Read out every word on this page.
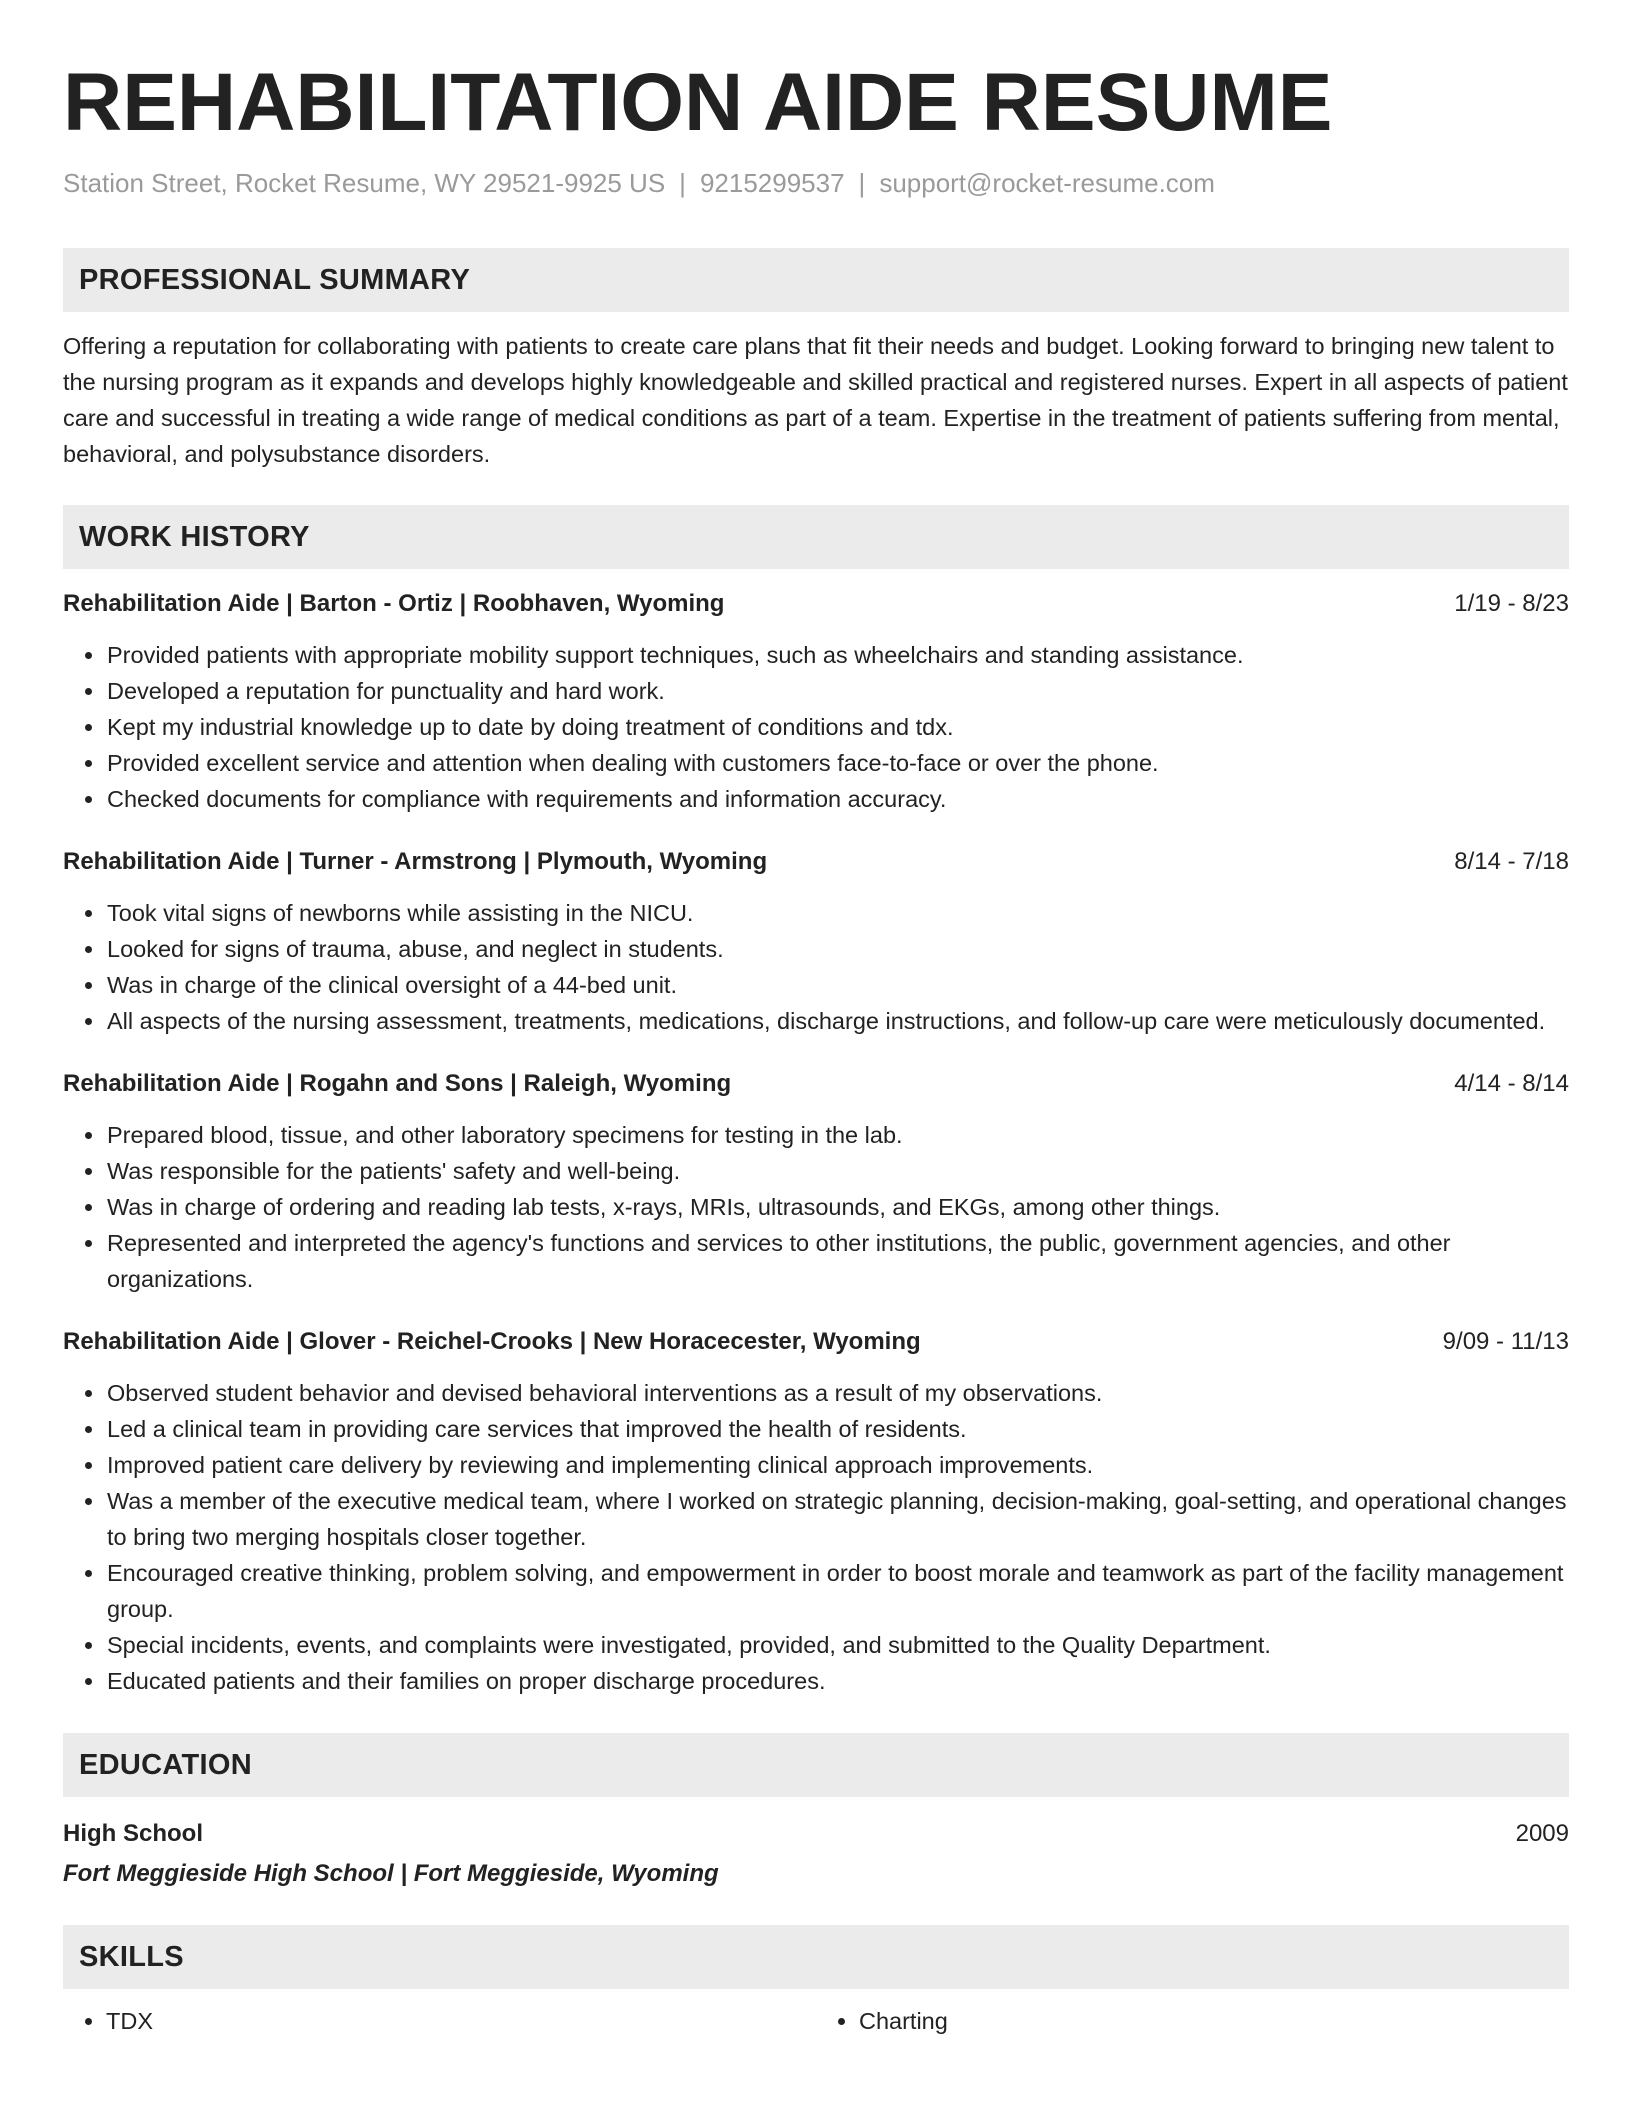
REHABILITATION AIDE RESUME
Station Street, Rocket Resume, WY 29521-9925 US | 9215299537 | support@rocket-resume.com
PROFESSIONAL SUMMARY
Offering a reputation for collaborating with patients to create care plans that fit their needs and budget. Looking forward to bringing new talent to the nursing program as it expands and develops highly knowledgeable and skilled practical and registered nurses. Expert in all aspects of patient care and successful in treating a wide range of medical conditions as part of a team. Expertise in the treatment of patients suffering from mental, behavioral, and polysubstance disorders.
WORK HISTORY
Rehabilitation Aide | Barton - Ortiz | Roobhaven, Wyoming	1/19 - 8/23
• Provided patients with appropriate mobility support techniques, such as wheelchairs and standing assistance.
• Developed a reputation for punctuality and hard work.
• Kept my industrial knowledge up to date by doing treatment of conditions and tdx.
• Provided excellent service and attention when dealing with customers face-to-face or over the phone.
• Checked documents for compliance with requirements and information accuracy.
Rehabilitation Aide | Turner - Armstrong | Plymouth, Wyoming	8/14 - 7/18
• Took vital signs of newborns while assisting in the NICU.
• Looked for signs of trauma, abuse, and neglect in students.
• Was in charge of the clinical oversight of a 44-bed unit.
• All aspects of the nursing assessment, treatments, medications, discharge instructions, and follow-up care were meticulously documented.
Rehabilitation Aide | Rogahn and Sons | Raleigh, Wyoming	4/14 - 8/14
• Prepared blood, tissue, and other laboratory specimens for testing in the lab.
• Was responsible for the patients' safety and well-being.
• Was in charge of ordering and reading lab tests, x-rays, MRIs, ultrasounds, and EKGs, among other things.
• Represented and interpreted the agency's functions and services to other institutions, the public, government agencies, and other organizations.
Rehabilitation Aide | Glover - Reichel-Crooks | New Horacecester, Wyoming	9/09 - 11/13
• Observed student behavior and devised behavioral interventions as a result of my observations.
• Led a clinical team in providing care services that improved the health of residents.
• Improved patient care delivery by reviewing and implementing clinical approach improvements.
• Was a member of the executive medical team, where I worked on strategic planning, decision-making, goal-setting, and operational changes to bring two merging hospitals closer together.
• Encouraged creative thinking, problem solving, and empowerment in order to boost morale and teamwork as part of the facility management group.
• Special incidents, events, and complaints were investigated, provided, and submitted to the Quality Department.
• Educated patients and their families on proper discharge procedures.
EDUCATION
High School	2009
Fort Meggieside High School | Fort Meggieside, Wyoming
SKILLS
• TDX
•	Charting
